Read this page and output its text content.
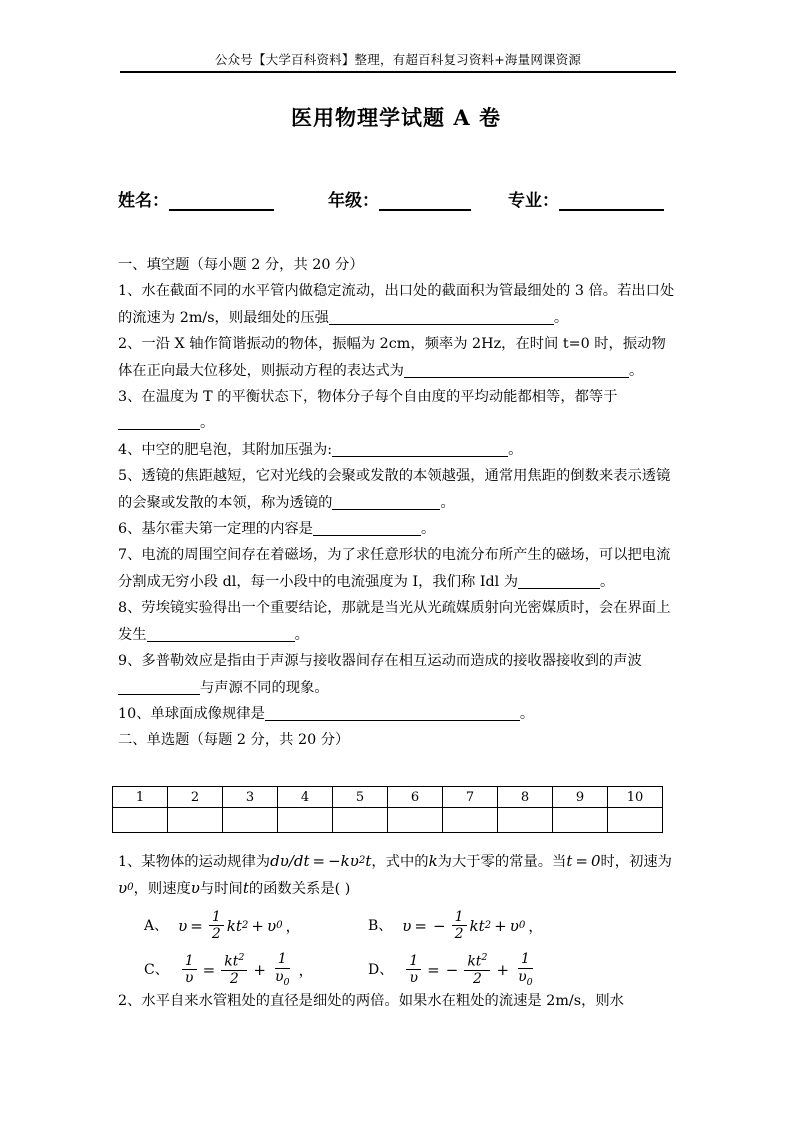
公众号【大学百科资料】整理，有超百科复习资料+海量网课资源
医用物理学试题 A 卷
姓名：	年级：	专业：
一、填空题（每小题 2 分，共 20 分）
1、水在截面不同的水平管内做稳定流动，出口处的截面积为管最细处的 3 倍。若出口处的流速为 2m/s，则最细处的压强	。
2、一沿 X 轴作简谐振动的物体，振幅为 2cm，频率为 2Hz，在时间 t=0 时，振动物体在正向最大位移处，则振动方程的表达式为	。
3、在温度为 T 的平衡状态下，物体分子每个自由度的平均动能都相等，都等于。
4、中空的肥皂泡，其附加压强为:	。
5、透镜的焦距越短，它对光线的会聚或发散的本领越强，通常用焦距的倒数来表示透镜的会聚或发散的本领，称为透镜的	。
6、基尔霍夫第一定理的内容是	。
7、电流的周围空间存在着磁场，为了求任意形状的电流分布所产生的磁场，可以把电流分割成无穷小段 dl，每一小段中的电流强度为 I，我们称 Idl 为	。
8、劳埃镜实验得出一个重要结论，那就是当光从光疏媒质射向光密媒质时，会在界面上发生	。
9、多普勒效应是指由于声源与接收器间存在相互运动而造成的接收器接收到的声波与声源不同的现象。
10、单球面成像规律是	。
二、单选题（每题 2 分，共 20 分）
1	2	3	4	5	6	7	8	9	10

1、某物体的运动规律为d υ /d t = − k υ 2 t ，式中的k为大于零的常量。当 t = 0时，初速为
υ 0 ，则速度υ与时间t的函数关系是( )
A、 $\upsilon = \frac{1}{2}$ kt 2 + υ 0 ，	B、 υ = − $\frac{1}{2}$ kt 2 + υ 0 ，
C、 $\frac{1}{\upsilon} = \frac{kt^2}{2} + \frac{1}{\upsilon_0}$ ，	D、 $\frac{1}{\upsilon}$ = − $\frac{kt^2}{2} + \frac{1}{\upsilon_0}$
2、水平自来水管粗处的直径是细处的两倍。如果水在粗处的流速是 2m/s，则水
